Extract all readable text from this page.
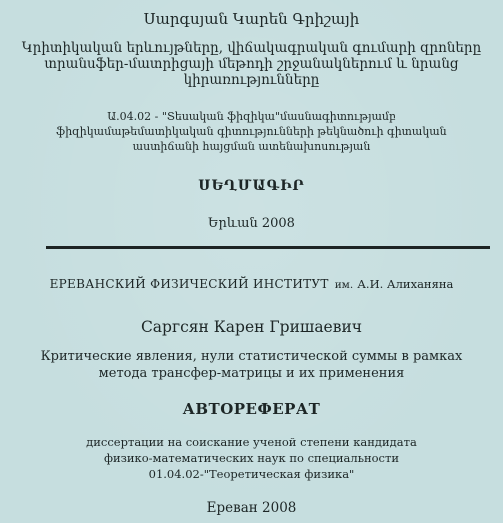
Սարգսյան Կարեն Գրիշայի
Կրիտիկական երևույթները, վիճակագրական գումարի զրոները
տրանսֆեր-մատրիցայի մեթոդի շրջանակներում և նրանց
կիրառությունները
Ա.04.02 - "Տեսական ֆիզիկա"մասնագիտությամբ
ֆիզիկամաթեմատիկական գիտությունների թեկնածուի գիտական
աստիճանի հայցման ատենախոսության
ՍԵՂՄԱԳԻՐ
Երևան 2008
ЕРЕВАНСКИЙ ФИЗИЧЕСКИЙ ИНСТИТУТ им. А.И. Алиханяна
Саргсян Карен Гришаевич
Критические явления, нули статистической суммы в рамках
метода трансфер-матрицы и их применения
АВТОРЕФЕРАТ
диссертации на соискание ученой степени кандидата
физико-математических наук по специальности
01.04.02-"Теоретическая физика"
Ереван 2008
